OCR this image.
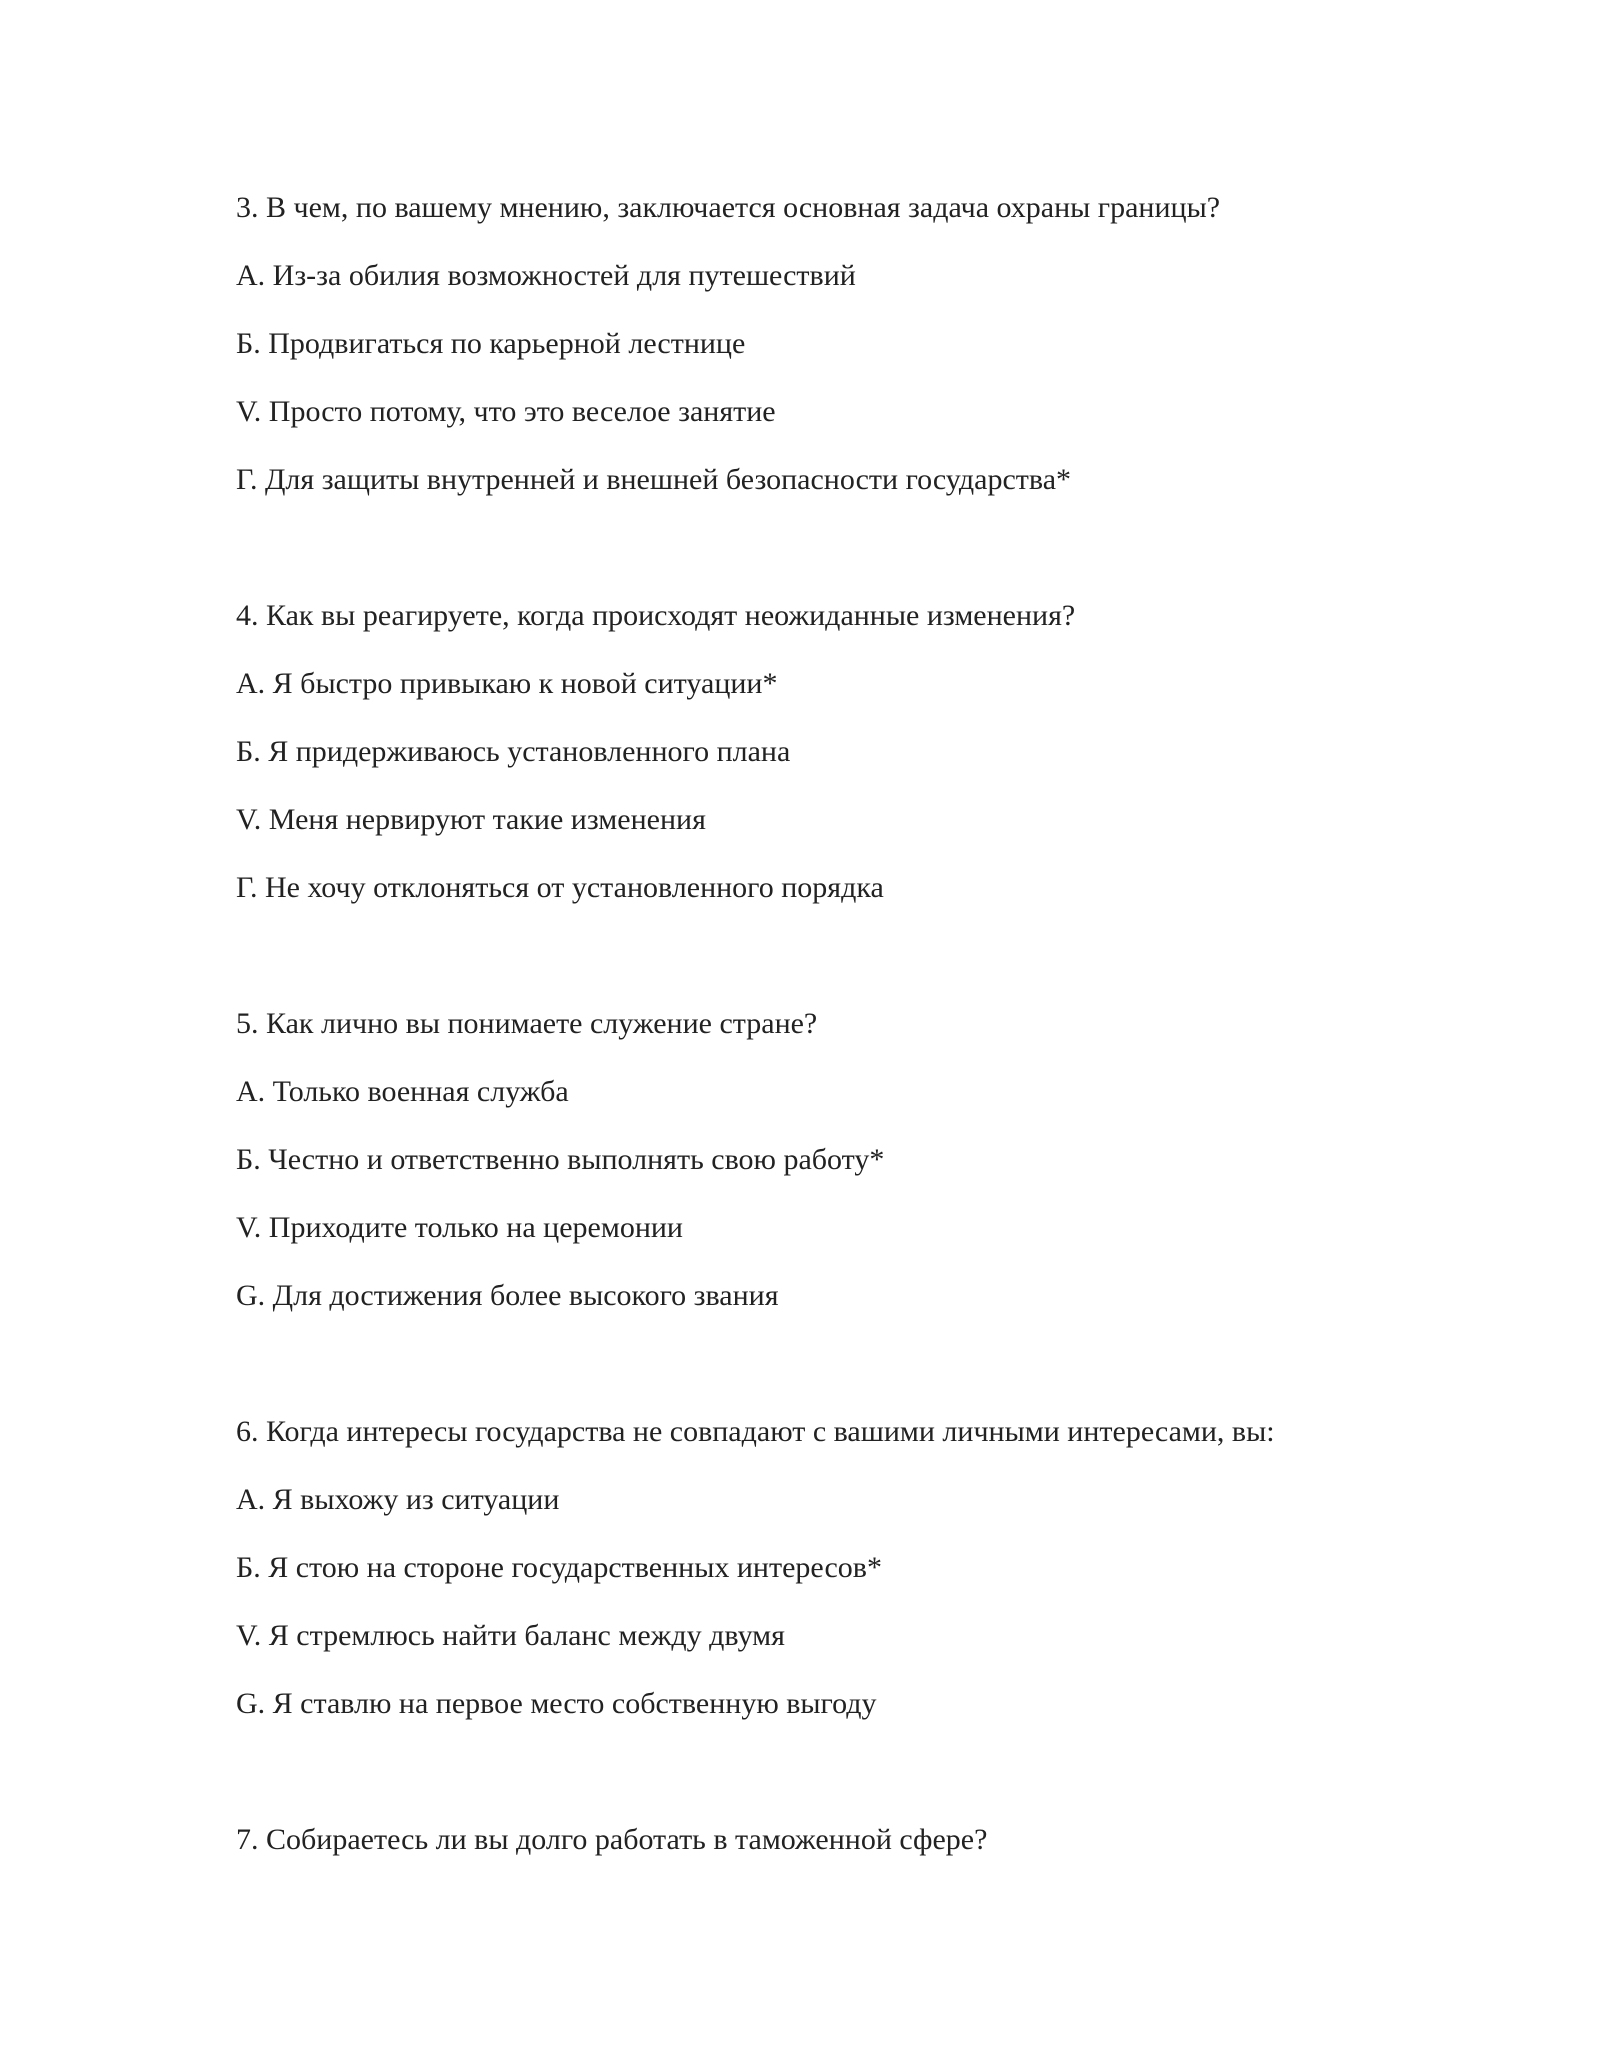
3. В чем, по вашему мнению, заключается основная задача охраны границы?
А. Из-за обилия возможностей для путешествий
Б. Продвигаться по карьерной лестнице
V. Просто потому, что это веселое занятие
Г. Для защиты внутренней и внешней безопасности государства*
4. Как вы реагируете, когда происходят неожиданные изменения?
А. Я быстро привыкаю к новой ситуации*
Б. Я придерживаюсь установленного плана
V. Меня нервируют такие изменения
Г. Не хочу отклоняться от установленного порядка
5. Как лично вы понимаете служение стране?
А. Только военная служба
Б. Честно и ответственно выполнять свою работу*
V. Приходите только на церемонии
G. Для достижения более высокого звания
6. Когда интересы государства не совпадают с вашими личными интересами, вы:
А. Я выхожу из ситуации
Б. Я стою на стороне государственных интересов*
V. Я стремлюсь найти баланс между двумя
G. Я ставлю на первое место собственную выгоду
7. Собираетесь ли вы долго работать в таможенной сфере?
